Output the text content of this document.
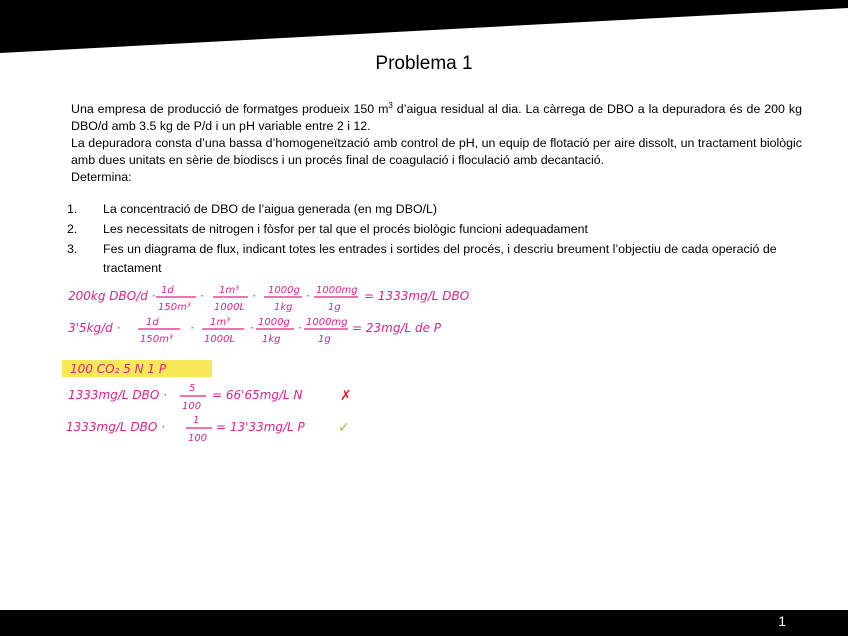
Problema 1

Una empresa de producció de formatges produeix 150 $m^3$ d’aigua residual al dia. La càrrega de DBO a la depuradora és de 200 kg DBO/d amb 3.5 kg de P/d i un pH variable entre 2 i 12.

La depuradora consta d’una bassa d’homogeneïtzació amb control de pH, un equip de flotació per aire dissolt, un tractament biològic amb dues unitats en sèrie de biodiscs i un procés final de coagulació i floculació amb decantació.

Determina:

1. La concentració de DBO de l’aigua generada (en mg DBO/L)
2. Les necessitats de nitrogen i fòsfor per tal que el procés biològic funcioni adequadament
3. Fes un diagrama de flux, indicant totes les entrades i sortides del procés, i descriu breument l’objectiu de cada operació de tractament
200kg DBO/d · 1d
150m³
· 1m³
1000L
· 1000g
1kg
· 1000mg
1g
= 1333mg/L DBO
3'5kg/d ·	1d
150m³
· 1m³
1000L
· 1000g
1kg
· 1000mg
1g
= 23mg/L de P
100 CO₂ 5 N 1 P
1333mg/L DBO · 5
100
= 66'65mg/L N	✗
1333mg/L DBO ·	1
100
= 13'33mg/L P ✓
1
